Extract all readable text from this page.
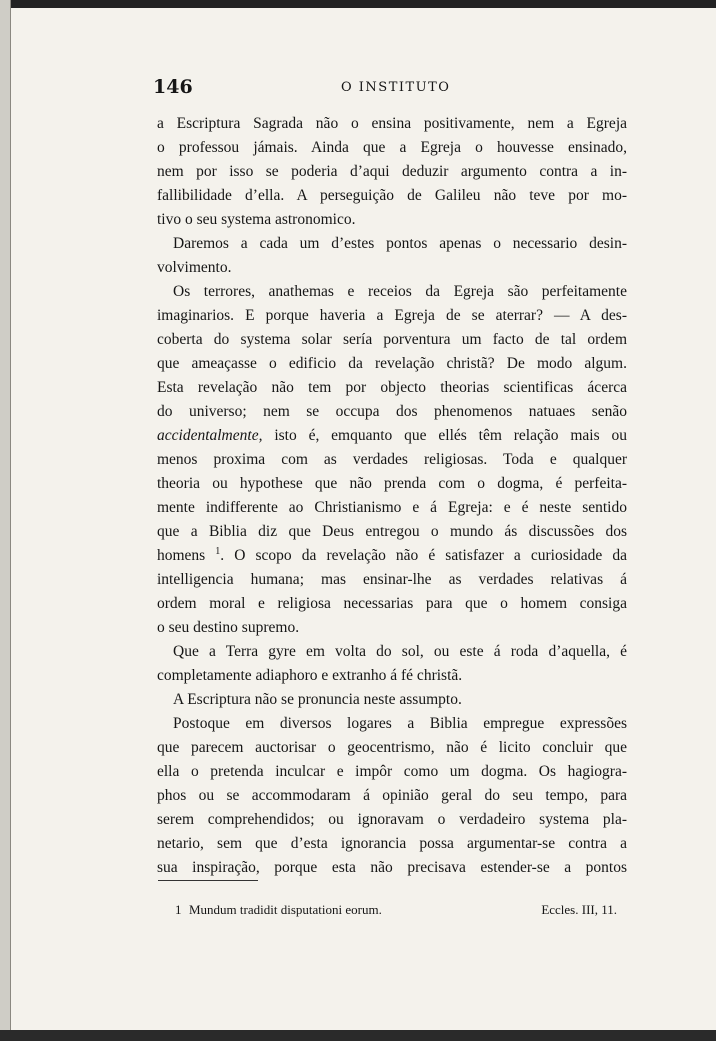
146	O INSTITUTO
a Escriptura Sagrada não o ensina positivamente, nem a Egreja
o professou jámais. Ainda que a Egreja o houvesse ensinado,
nem por isso se poderia d’aqui deduzir argumento contra a in-
fallibilidade d’ella. A perseguição de Galileu não teve por mo-
tivo o seu systema astronomico.
Daremos a cada um d’estes pontos apenas o necessario desin-
volvimento.
Os terrores, anathemas e receios da Egreja são perfeitamente
imaginarios. E porque haveria a Egreja de se aterrar? — A des-
coberta do systema solar sería porventura um facto de tal ordem
que ameaçasse o edificio da revelação christã? De modo algum.
Esta revelação não tem por objecto theorias scientificas ácerca
do universo; nem se occupa dos phenomenos natuaes senão
accidentalmente, isto é, emquanto que ellés têm relação mais ou
menos proxima com as verdades religiosas. Toda e qualquer
theoria ou hypothese que não prenda com o dogma, é perfeita-
mente indifferente ao Christianismo e á Egreja: e é neste sentido
que a Biblia diz que Deus entregou o mundo ás discussões dos
homens $^1$. O scopo da revelação não é satisfazer a curiosidade da
intelligencia humana; mas ensinar-lhe as verdades relativas á
ordem moral e religiosa necessarias para que o homem consiga
o seu destino supremo.
Que a Terra gyre em volta do sol, ou este á roda d’aquella, é
completamente adiaphoro e extranho á fé christã.
A Escriptura não se pronuncia neste assumpto.
Postoque em diversos logares a Biblia empregue expressões
que parecem auctorisar o geocentrismo, não é licito concluir que
ella o pretenda inculcar e impôr como um dogma. Os hagiogra-
phos ou se accommodaram á opinião geral do seu tempo, para
serem comprehendidos; ou ignoravam o verdadeiro systema pla-
netario, sem que d’esta ignorancia possa argumentar-se contra a
sua inspiração, porque esta não precisava estender-se a pontos
1 Mundum tradidit disputationi eorum.	Eccles. III, 11.
